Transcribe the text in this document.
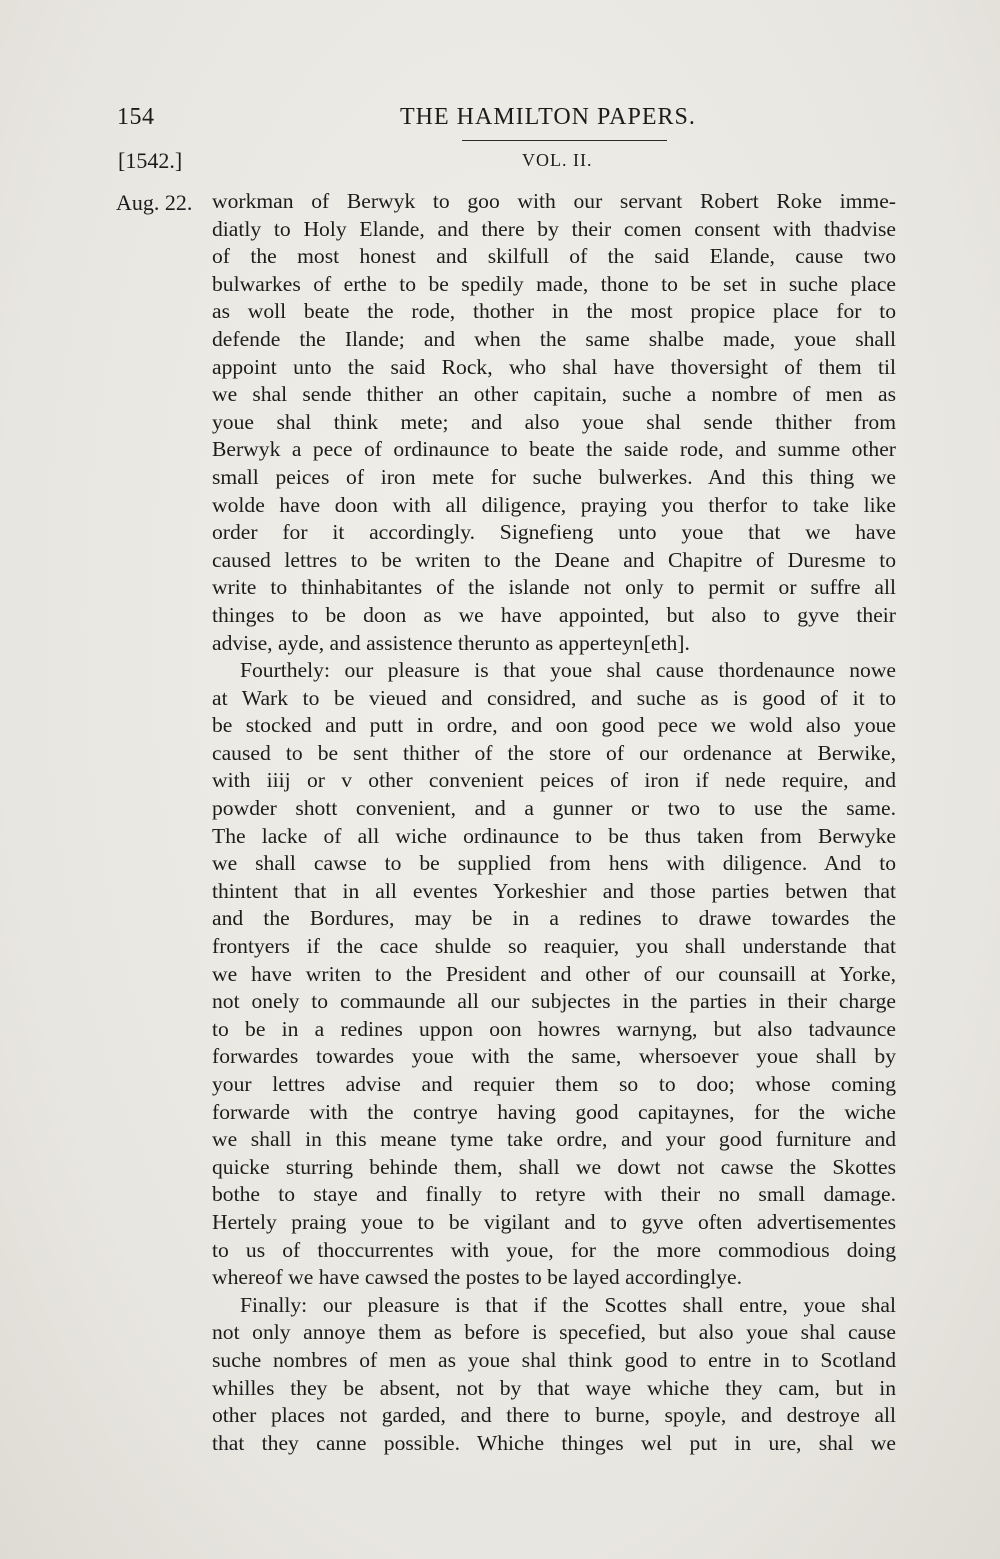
154	THE HAMILTON PAPERS.
[1542.]	VOL. II.
Aug. 22. workman of Berwyk to goo with our servant Robert Roke imme-

diatly to Holy Elande, and there by their comen consent with thadvise

of the most honest and skilfull of the said Elande, cause two

bulwarkes of erthe to be spedily made, thone to be set in suche place

as woll beate the rode, thother in the most propice place for to

defende the Ilande; and when the same shalbe made, youe shall

appoint unto the said Rock, who shal have thoversight of them til

we shal sende thither an other capitain, suche a nombre of men as

youe shal think mete; and also youe shal sende thither from

Berwyk a pece of ordinaunce to beate the saide rode, and summe other

small peices of iron mete for suche bulwerkes. And this thing we

wolde have doon with all diligence, praying you therfor to take like

order for it accordingly. Signefieng unto youe that we have

caused lettres to be writen to the Deane and Chapitre of Duresme to

write to thinhabitantes of the islande not only to permit or suffre all

thinges to be doon as we have appointed, but also to gyve their

advise, ayde, and assistence therunto as apperteyn[eth].

Fourthely: our pleasure is that youe shal cause thordenaunce nowe

at Wark to be vieued and considred, and suche as is good of it to

be stocked and putt in ordre, and oon good pece we wold also youe

caused to be sent thither of the store of our ordenance at Berwike,

with iiij or v other convenient peices of iron if nede require, and

powder shott convenient, and a gunner or two to use the same.

The lacke of all wiche ordinaunce to be thus taken from Berwyke

we shall cawse to be supplied from hens with diligence. And to

thintent that in all eventes Yorkeshier and those parties betwen that

and the Bordures, may be in a redines to drawe towardes the

frontyers if the cace shulde so reaquier, you shall understande that

we have writen to the President and other of our counsaill at Yorke,

not onely to commaunde all our subjectes in the parties in their charge

to be in a redines uppon oon howres warnyng, but also tadvaunce

forwardes towardes youe with the same, whersoever youe shall by

your lettres advise and requier them so to doo; whose coming

forwarde with the contrye having good capitaynes, for the wiche

we shall in this meane tyme take ordre, and your good furniture and

quicke sturring behinde them, shall we dowt not cawse the Skottes

bothe to staye and finally to retyre with their no small damage.

Hertely praing youe to be vigilant and to gyve often advertisementes

to us of thoccurrentes with youe, for the more commodious doing

whereof we have cawsed the postes to be layed accordinglye.

Finally: our pleasure is that if the Scottes shall entre, youe shal

not only annoye them as before is specefied, but also youe shal cause

suche nombres of men as youe shal think good to entre in to Scotland

whilles they be absent, not by that waye whiche they cam, but in

other places not garded, and there to burne, spoyle, and destroye all

that they canne possible. Whiche thinges wel put in ure, shal we
